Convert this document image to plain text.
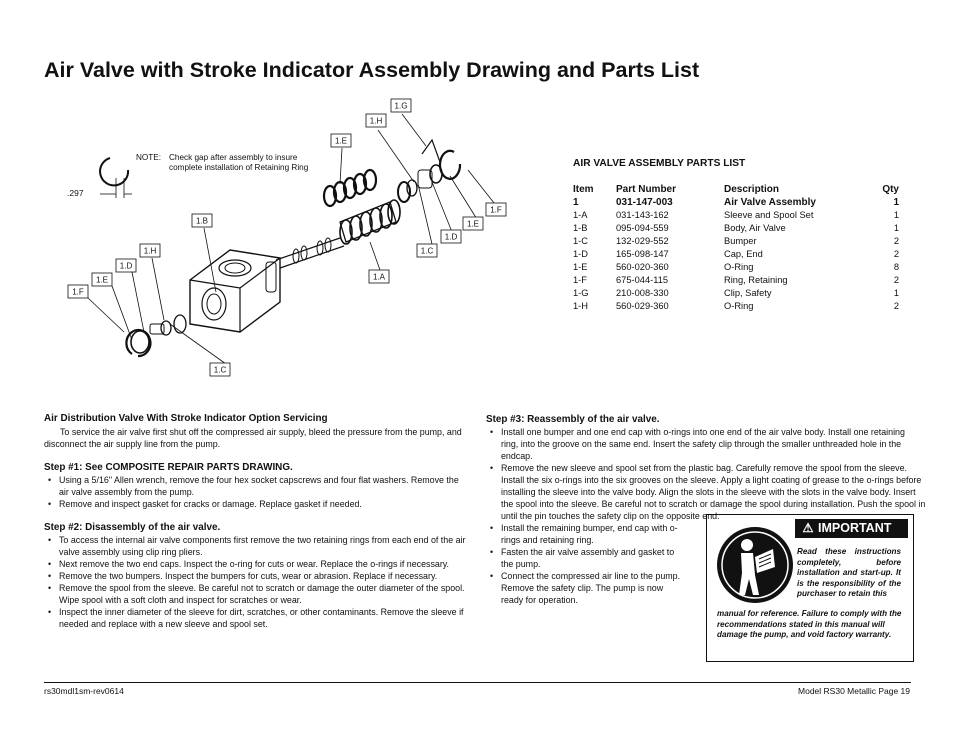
Air Valve with Stroke Indicator Assembly Drawing and Parts List
1.G
1.H
1.E
1.F
1.E
1.D
1.C
1.B
1.H
1.D
1.E
1.F
1.A
1.C
NOTE: Check gap after assembly to insure complete installation of Retaining Ring
.297
AIR VALVE ASSEMBLY PARTS LIST
Item	Part Number	Description	Qty
1	031-147-003	Air Valve Assembly	1
1-A	031-143-162	Sleeve and Spool Set	1
1-B	095-094-559	Body, Air Valve	1
1-C	132-029-552	Bumper	2
1-D	165-098-147	Cap, End	2
1-E	560-020-360	O-Ring	8
1-F	675-044-115	Ring, Retaining	2
1-G	210-008-330	Clip, Safety	1
1-H	560-029-360	O-Ring	2
Air Distribution Valve With Stroke Indicator Option Servicing

To service the air valve first shut off the compressed air supply, bleed the pressure from the pump, and disconnect the air supply line from the pump.

Step #1: See COMPOSITE REPAIR PARTS DRAWING.
• Using a 5/16" Allen wrench, remove the four hex socket capscrews and four flat washers. Remove the air valve assembly from the pump.
• Remove and inspect gasket for cracks or damage. Replace gasket if needed.
Step #2: Disassembly of the air valve.
• To access the internal air valve components first remove the two retaining rings from each end of the air valve assembly using clip ring pliers.
• Next remove the two end caps. Inspect the o-ring for cuts or wear. Replace the o-rings if necessary.
• Remove the two bumpers. Inspect the bumpers for cuts, wear or abrasion. Replace if necessary.
• Remove the spool from the sleeve. Be careful not to scratch or damage the outer diameter of the spool. Wipe spool with a soft cloth and inspect for scratches or wear.
• Inspect the inner diameter of the sleeve for dirt, scratches, or other contaminants. Remove the sleeve if needed and replace with a new sleeve and spool set.
Step #3: Reassembly of the air valve.
• Install one bumper and one end cap with o-rings into one end of the air valve body. Install one retaining ring, into the groove on the same end. Insert the safety clip through the smaller unthreaded hole in the endcap.
• Remove the new sleeve and spool set from the plastic bag. Carefully remove the spool from the sleeve. Install the six o-rings into the six grooves on the sleeve. Apply a light coating of grease to the o-rings before installing the sleeve into the valve body. Align the slots in the sleeve with the slots in the valve body. Insert the spool into the sleeve. Be careful not to scratch or damage the spool during installation. Push the spool in until the pin touches the safety clip on the opposite end.
• Install the remaining bumper, end cap with o-rings and retaining ring.
• Fasten the air valve assembly and gasket to the pump.
• Connect the compressed air line to the pump. Remove the safety clip. The pump is now ready for operation.
⚠ IMPORTANT
Read these instructions completely, before installation and start-up. It is the responsibility of the purchaser to retain this
manual for reference. Failure to comply with the recommendations stated in this manual will damage the pump, and void factory warranty.
rs30mdl1sm-rev0614	Model RS30 Metallic Page 19
